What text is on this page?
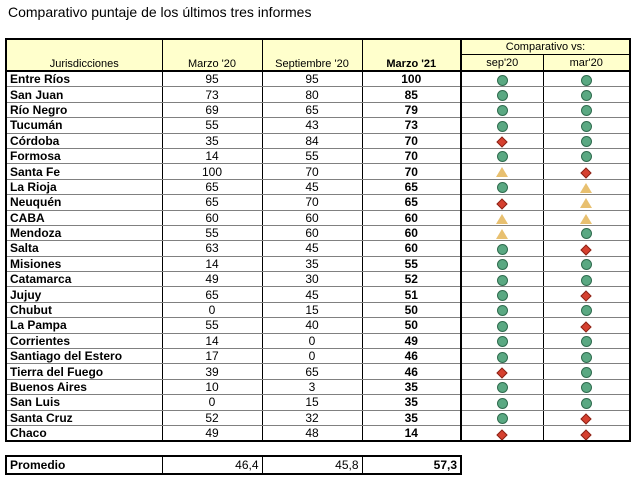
Comparativo puntaje de los últimos tres informes
Jurisdicciones	Marzo '20	Septiembre '20	Marzo '21	Comparativo vs:	
				sep'20	mar'20
Entre Ríos	95	95	100		
San Juan	73	80	85		
Río Negro	69	65	79		
Tucumán	55	43	73		
Córdoba	35	84	70		
Formosa	14	55	70		
Santa Fe	100	70	70		
La Rioja	65	45	65		
Neuquén	65	70	65		
CABA	60	60	60		
Mendoza	55	60	60		
Salta	63	45	60		
Misiones	14	35	55		
Catamarca	49	30	52		
Jujuy	65	45	51		
Chubut	0	15	50		
La Pampa	55	40	50		
Corrientes	14	0	49		
Santiago del Estero	17	0	46		
Tierra del Fuego	39	65	46		
Buenos Aires	10	3	35		
San Luis	0	15	35		
Santa Cruz	52	32	35		
Chaco	49	48	14		
Promedio	46,4	45,8	57,3
